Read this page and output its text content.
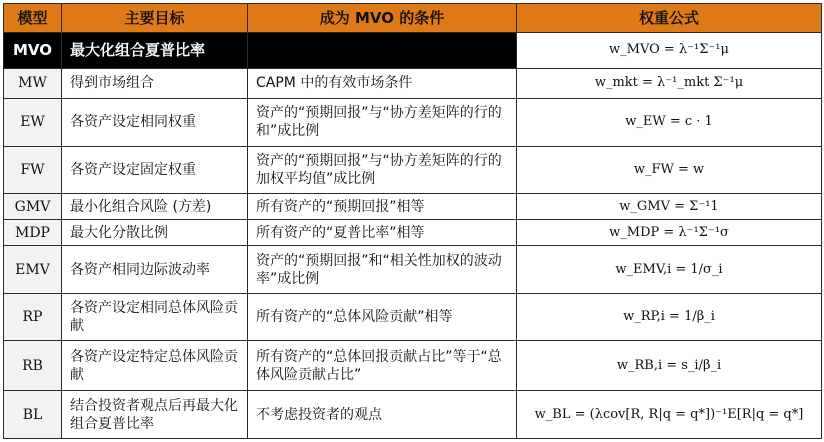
模型	主要目标	成为 MVO 的条件	权重公式
MVO	最大化组合夏普比率		w_MVO = λ⁻¹Σ⁻¹μ
MW	得到市场组合	CAPM 中的有效市场条件	w_mkt = λ⁻¹_mkt Σ⁻¹μ
EW	各资产设定相同权重	资产的“预期回报”与“协方差矩阵的行的和”成比例	w_EW = c · 1
FW	各资产设定固定权重	资产的“预期回报”与“协方差矩阵的行的加权平均值”成比例	w_FW = w
GMV	最小化组合风险 (方差)	所有资产的“预期回报”相等	w_GMV = Σ⁻¹1
MDP	最大化分散比例	所有资产的“夏普比率”相等	w_MDP = λ⁻¹Σ⁻¹σ
EMV	各资产相同边际波动率	资产的“预期回报”和“相关性加权的波动率”成比例	w_EMV,i = 1/σ_i
RP	各资产设定相同总体风险贡献	所有资产的“总体风险贡献”相等	w_RP,i = 1/β_i
RB	各资产设定特定总体风险贡献	所有资产的“总体回报贡献占比”等于“总体风险贡献占比”	w_RB,i = s_i/β_i
BL	结合投资者观点后再最大化组合夏普比率	不考虑投资者的观点	w_BL = (λcov[R, R|q = q*])⁻¹E[R|q = q*]
